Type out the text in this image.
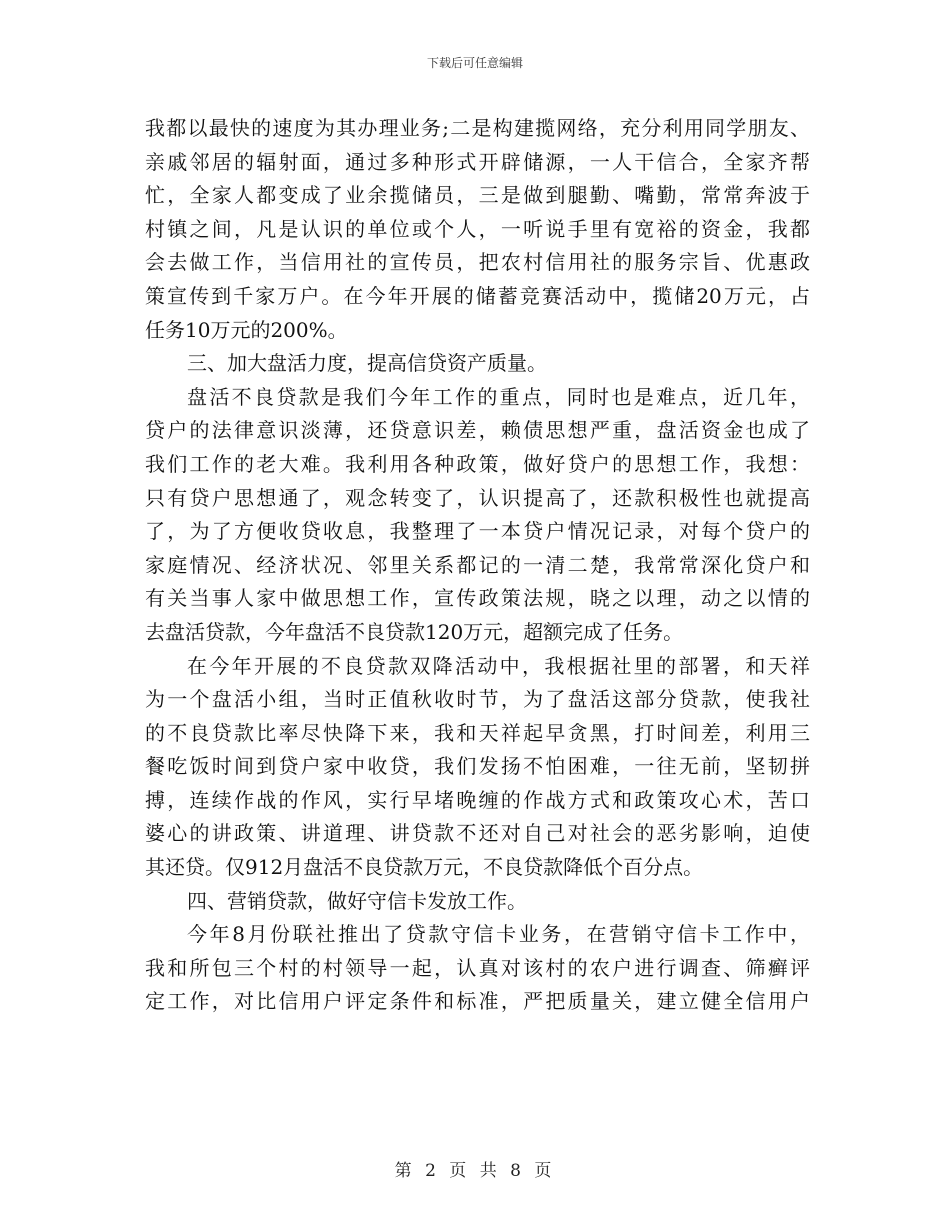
下载后可任意编辑
我都以最快的速度为其办理业务;二是构建揽网络，充分利用同学朋友、
亲戚邻居的辐射面，通过多种形式开辟储源，一人干信合，全家齐帮
忙，全家人都变成了业余揽储员，三是做到腿勤、嘴勤，常常奔波于
村镇之间，凡是认识的单位或个人，一听说手里有宽裕的资金，我都
会去做工作，当信用社的宣传员，把农村信用社的服务宗旨、优惠政
策宣传到千家万户。在今年开展的储蓄竞赛活动中，揽储20万元，占
任务10万元的200%。
三、加大盘活力度，提高信贷资产质量。
盘活不良贷款是我们今年工作的重点，同时也是难点，近几年，
贷户的法律意识淡薄，还贷意识差，赖债思想严重，盘活资金也成了
我们工作的老大难。我利用各种政策，做好贷户的思想工作，我想：
只有贷户思想通了，观念转变了，认识提高了，还款积极性也就提高
了，为了方便收贷收息，我整理了一本贷户情况记录，对每个贷户的
家庭情况、经济状况、邻里关系都记的一清二楚，我常常深化贷户和
有关当事人家中做思想工作，宣传政策法规，晓之以理，动之以情的
去盘活贷款，今年盘活不良贷款120万元，超额完成了任务。
在今年开展的不良贷款双降活动中，我根据社里的部署，和天祥
为一个盘活小组，当时正值秋收时节，为了盘活这部分贷款，使我社
的不良贷款比率尽快降下来，我和天祥起早贪黑，打时间差，利用三
餐吃饭时间到贷户家中收贷，我们发扬不怕困难，一往无前，坚韧拼
搏，连续作战的作风，实行早堵晚缠的作战方式和政策攻心术，苦口
婆心的讲政策、讲道理、讲贷款不还对自己对社会的恶劣影响，迫使
其还贷。仅912月盘活不良贷款万元，不良贷款降低个百分点。
四、营销贷款，做好守信卡发放工作。
今年8月份联社推出了贷款守信卡业务，在营销守信卡工作中，
我和所包三个村的村领导一起，认真对该村的农户进行调查、筛癣评
定工作，对比信用户评定条件和标准，严把质量关，建立健全信用户
第 2 页 共 8 页
